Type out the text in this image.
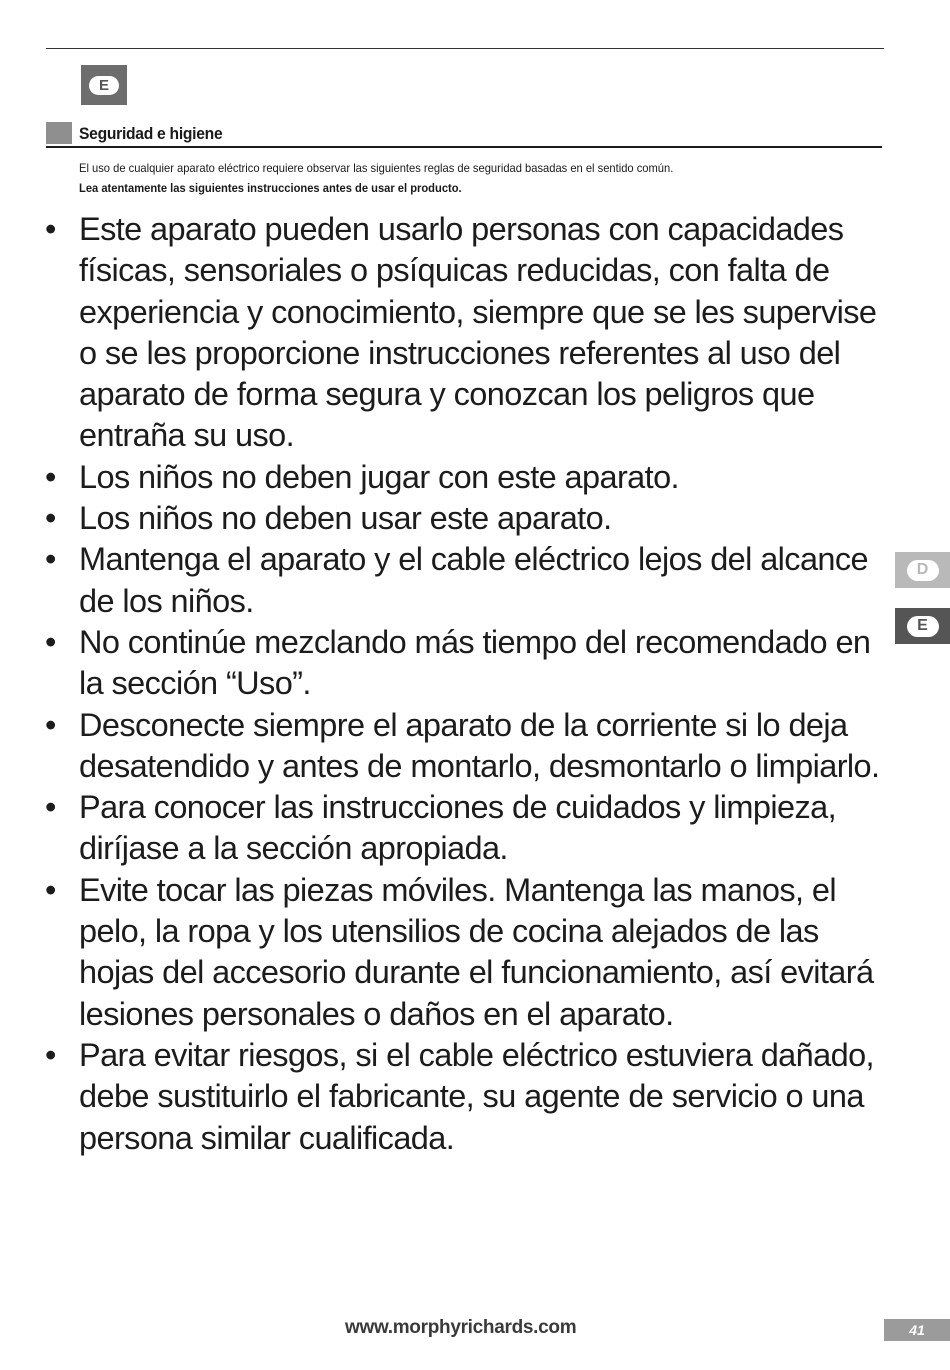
E
Seguridad e higiene

El uso de cualquier aparato eléctrico requiere observar las siguientes reglas de seguridad basadas en el sentido común.

Lea atentamente las siguientes instrucciones antes de usar el producto.

• Este aparato pueden usarlo personas con capacidades físicas, sensoriales o psíquicas reducidas, con falta de experiencia y conocimiento, siempre que se les supervise o se les proporcione instrucciones referentes al uso del aparato de forma segura y conozcan los peligros que entraña su uso.
• Los niños no deben jugar con este aparato.
• Los niños no deben usar este aparato.
• Mantenga el aparato y el cable eléctrico lejos del alcance de los niños.
• No continúe mezclando más tiempo del recomendado en la sección “Uso”.
• Desconecte siempre el aparato de la corriente si lo deja desatendido y antes de montarlo, desmontarlo o limpiarlo.
• Para conocer las instrucciones de cuidados y limpieza, diríjase a la sección apropiada.
• Evite tocar las piezas móviles. Mantenga las manos, el pelo, la ropa y los utensilios de cocina alejados de las hojas del accesorio durante el funcionamiento, así evitará lesiones personales o daños en el aparato.
• Para evitar riesgos, si el cable eléctrico estuviera dañado, debe sustituirlo el fabricante, su agente de servicio o una persona similar cualificada.
D
E
www.morphyrichards.com	41
